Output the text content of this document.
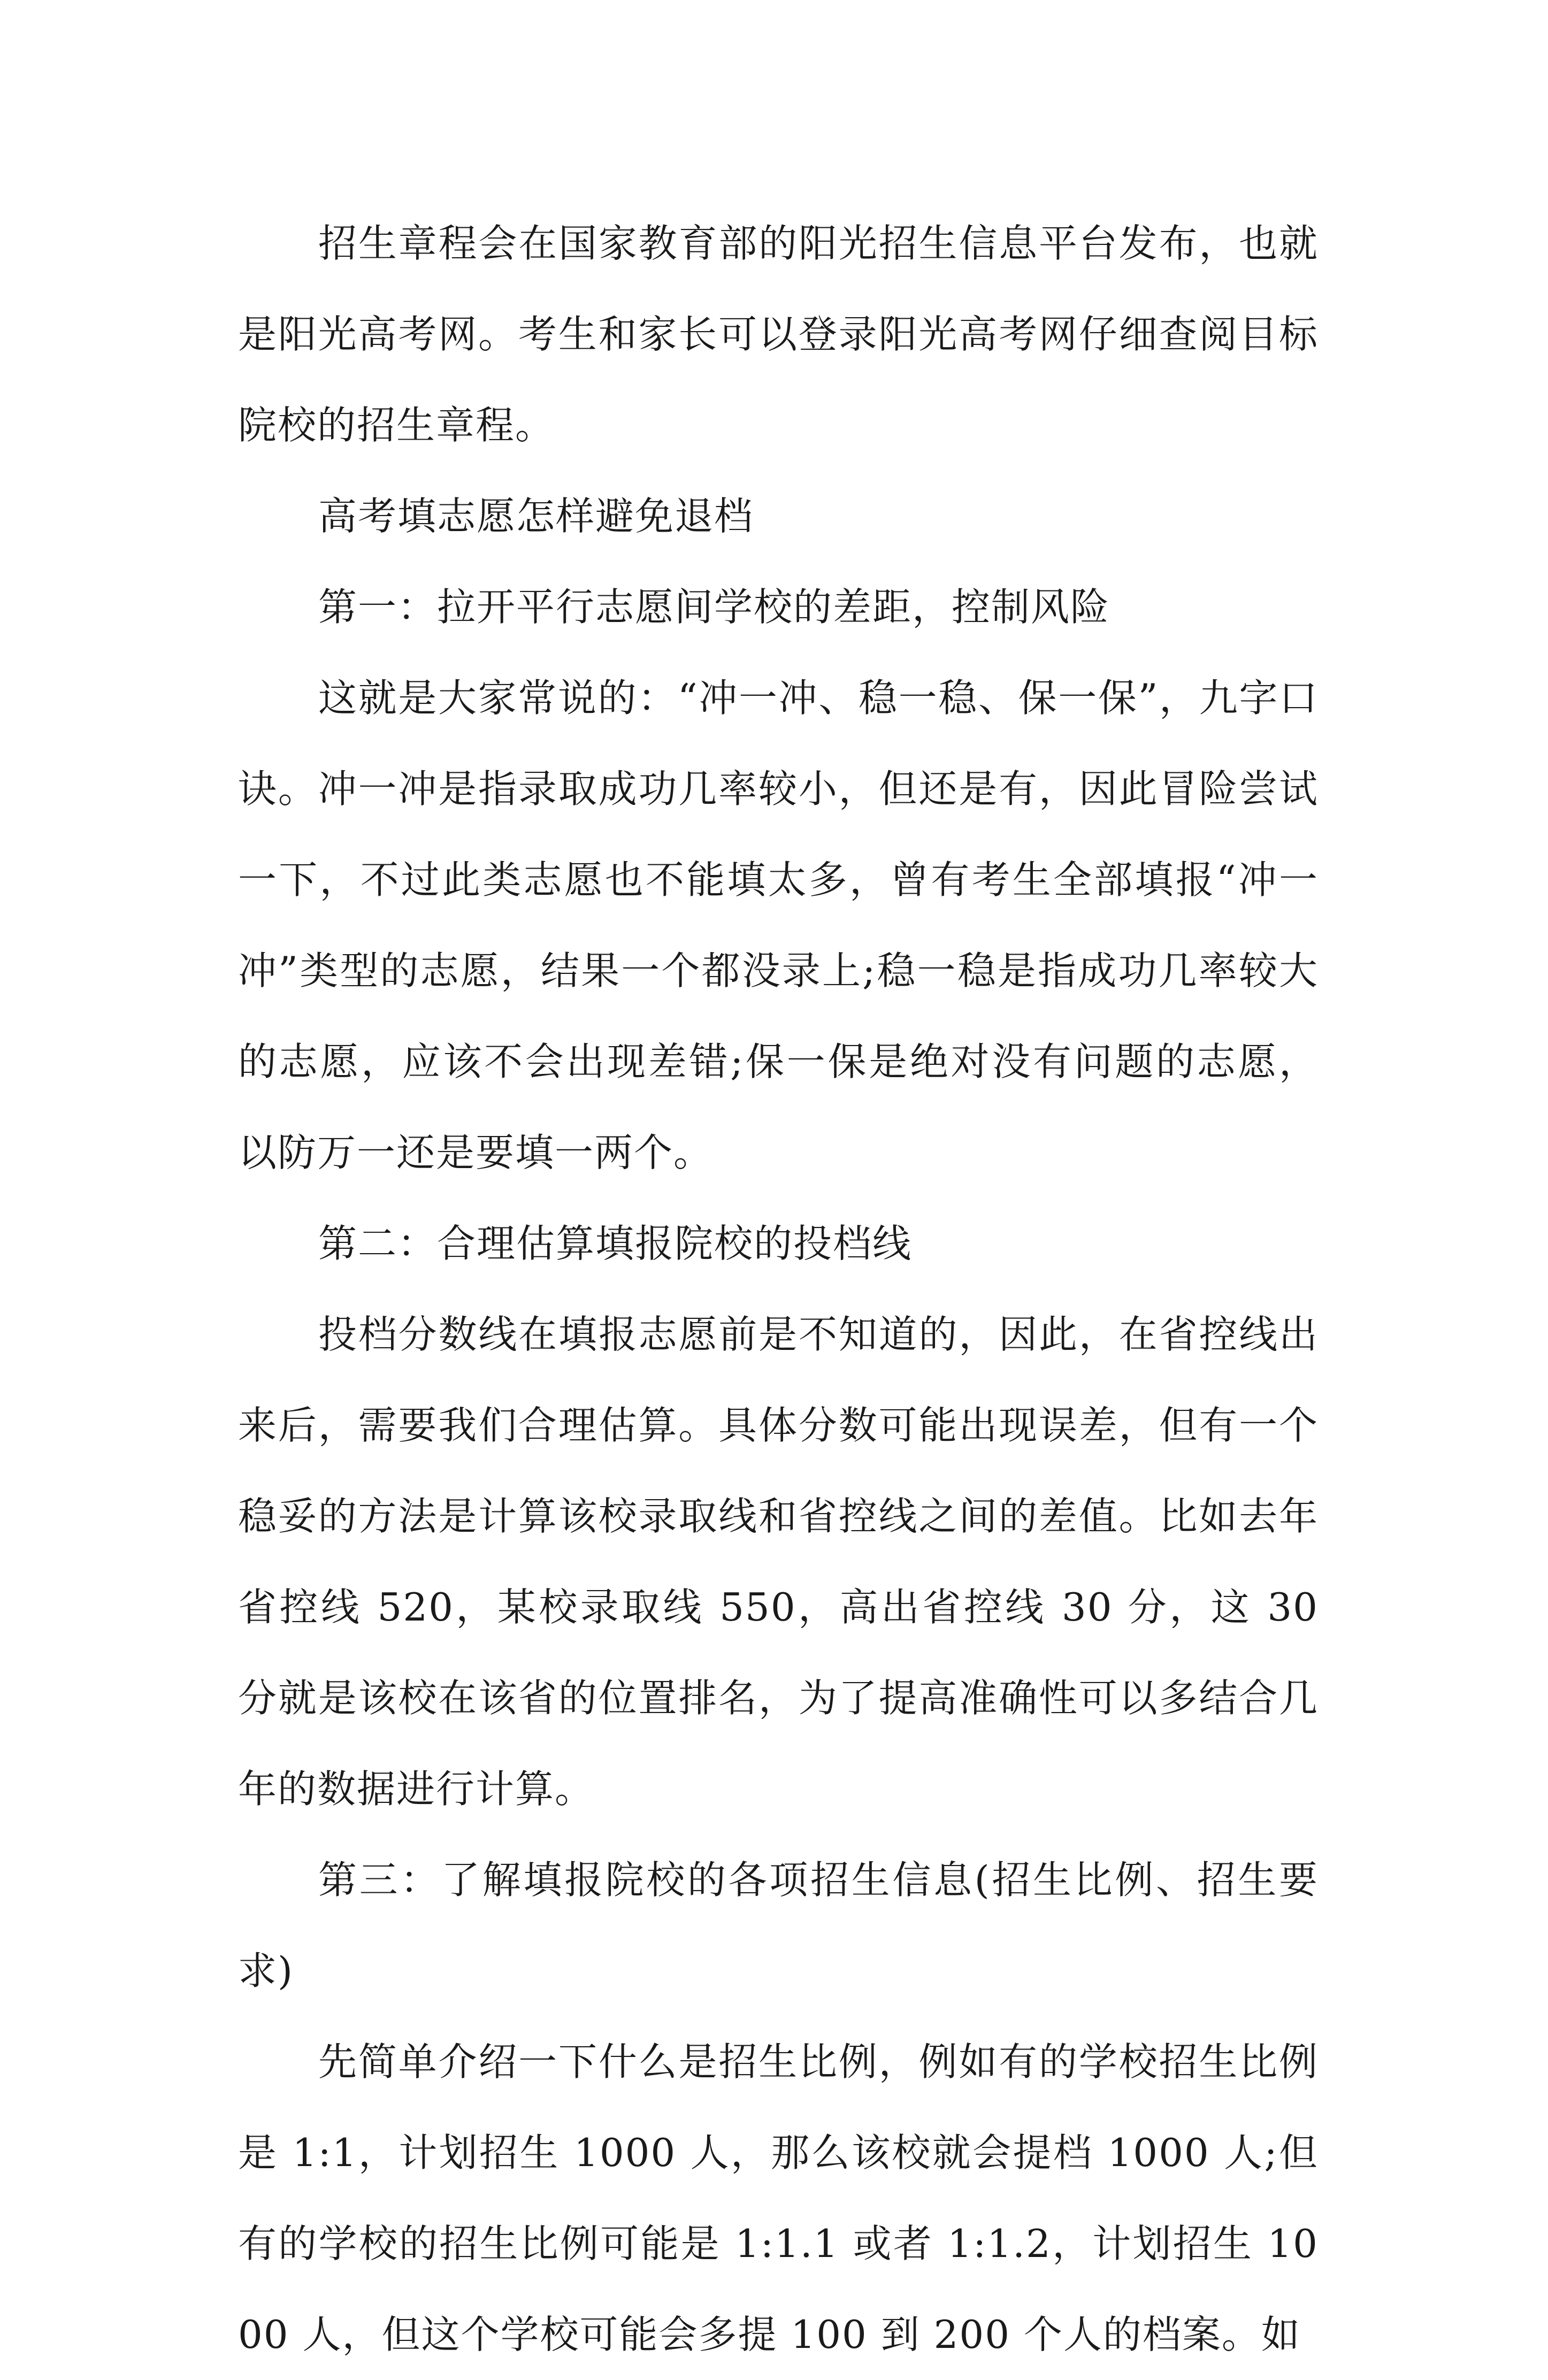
招生章程会在国家教育部的阳光招生信息平台发布，也就是阳光高考网。考生和家长可以登录阳光高考网仔细查阅目标院校的招生章程。

高考填志愿怎样避免退档

第一：拉开平行志愿间学校的差距，控制风险

这就是大家常说的：“冲一冲、稳一稳、保一保”，九字口诀。冲一冲是指录取成功几率较小，但还是有，因此冒险尝试一下，不过此类志愿也不能填太多，曾有考生全部填报“冲一冲”类型的志愿，结果一个都没录上;稳一稳是指成功几率较大的志愿，应该不会出现差错;保一保是绝对没有问题的志愿，以防万一还是要填一两个。

第二：合理估算填报院校的投档线

投档分数线在填报志愿前是不知道的，因此，在省控线出来后，需要我们合理估算。具体分数可能出现误差，但有一个稳妥的方法是计算该校录取线和省控线之间的差值。比如去年省控线 520，某校录取线 550，高出省控线 30 分，这 30 分就是该校在该省的位置排名，为了提高准确性可以多结合几年的数据进行计算。

第三：了解填报院校的各项招生信息(招生比例、招生要求)

先简单介绍一下什么是招生比例，例如有的学校招生比例是 1:1，计划招生 1000 人，那么该校就会提档 1000 人;但有的学校的招生比例可能是 1:1.1 或者 1:1.2，计划招生 1000 人，但这个学校可能会多提 100 到 200 个人的档案。如
